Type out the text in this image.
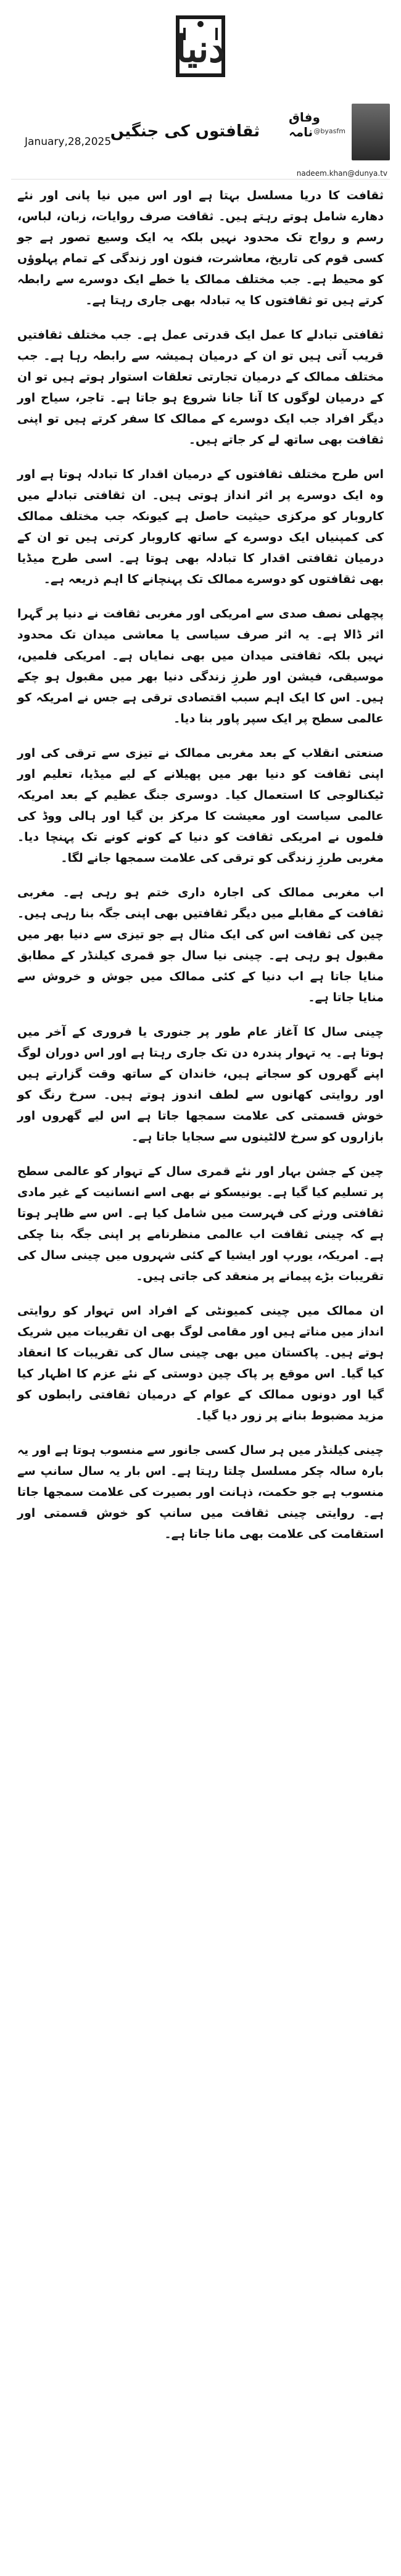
دنیا
January,28,2025
ثقافتوں کی جنگیں
وفاق نامہ @byasfm
nadeem.khan@dunya.tv

ثقافت کا دریا مسلسل بہتا ہے اور اس میں نیا پانی اور نئے دھارے شامل ہوتے رہتے ہیں۔ ثقافت صرف روایات، زبان، لباس، رسم و رواج تک محدود نہیں بلکہ یہ ایک وسیع تصور ہے جو کسی قوم کی تاریخ، معاشرت، فنون اور زندگی کے تمام پہلوؤں کو محیط ہے۔ جب مختلف ممالک یا خطے ایک دوسرے سے رابطہ کرتے ہیں تو ثقافتوں کا یہ تبادلہ بھی جاری رہتا ہے۔

ثقافتی تبادلے کا عمل ایک قدرتی عمل ہے۔ جب مختلف ثقافتیں قریب آتی ہیں تو ان کے درمیان ہمیشہ سے رابطہ رہا ہے۔ جب مختلف ممالک کے درمیان تجارتی تعلقات استوار ہوتے ہیں تو ان کے درمیان لوگوں کا آنا جانا شروع ہو جاتا ہے۔ تاجر، سیاح اور دیگر افراد جب ایک دوسرے کے ممالک کا سفر کرتے ہیں تو اپنی ثقافت بھی ساتھ لے کر جاتے ہیں۔

اس طرح مختلف ثقافتوں کے درمیان اقدار کا تبادلہ ہوتا ہے اور وہ ایک دوسرے پر اثر انداز ہوتی ہیں۔ ان ثقافتی تبادلے میں کاروبار کو مرکزی حیثیت حاصل ہے کیونکہ جب مختلف ممالک کی کمپنیاں ایک دوسرے کے ساتھ کاروبار کرتی ہیں تو ان کے درمیان ثقافتی اقدار کا تبادلہ بھی ہوتا ہے۔ اسی طرح میڈیا بھی ثقافتوں کو دوسرے ممالک تک پہنچانے کا اہم ذریعہ ہے۔

پچھلی نصف صدی سے امریکی اور مغربی ثقافت نے دنیا پر گہرا اثر ڈالا ہے۔ یہ اثر صرف سیاسی یا معاشی میدان تک محدود نہیں بلکہ ثقافتی میدان میں بھی نمایاں ہے۔ امریکی فلمیں، موسیقی، فیشن اور طرزِ زندگی دنیا بھر میں مقبول ہو چکے ہیں۔ اس کا ایک اہم سبب اقتصادی ترقی ہے جس نے امریکہ کو عالمی سطح پر ایک سپر پاور بنا دیا۔

صنعتی انقلاب کے بعد مغربی ممالک نے تیزی سے ترقی کی اور اپنی ثقافت کو دنیا بھر میں پھیلانے کے لیے میڈیا، تعلیم اور ٹیکنالوجی کا استعمال کیا۔ دوسری جنگ عظیم کے بعد امریکہ عالمی سیاست اور معیشت کا مرکز بن گیا اور ہالی ووڈ کی فلموں نے امریکی ثقافت کو دنیا کے کونے کونے تک پہنچا دیا۔ مغربی طرزِ زندگی کو ترقی کی علامت سمجھا جانے لگا۔

اب مغربی ممالک کی اجارہ داری ختم ہو رہی ہے۔ مغربی ثقافت کے مقابلے میں دیگر ثقافتیں بھی اپنی جگہ بنا رہی ہیں۔ چین کی ثقافت اس کی ایک مثال ہے جو تیزی سے دنیا بھر میں مقبول ہو رہی ہے۔ چینی نیا سال جو قمری کیلنڈر کے مطابق منایا جاتا ہے اب دنیا کے کئی ممالک میں جوش و خروش سے منایا جاتا ہے۔

چینی سال کا آغاز عام طور پر جنوری یا فروری کے آخر میں ہوتا ہے۔ یہ تہوار پندرہ دن تک جاری رہتا ہے اور اس دوران لوگ اپنے گھروں کو سجاتے ہیں، خاندان کے ساتھ وقت گزارتے ہیں اور روایتی کھانوں سے لطف اندوز ہوتے ہیں۔ سرخ رنگ کو خوش قسمتی کی علامت سمجھا جاتا ہے اس لیے گھروں اور بازاروں کو سرخ لالٹینوں سے سجایا جاتا ہے۔

چین کے جشن بہار اور نئے قمری سال کے تہوار کو عالمی سطح پر تسلیم کیا گیا ہے۔ یونیسکو نے بھی اسے انسانیت کے غیر مادی ثقافتی ورثے کی فہرست میں شامل کیا ہے۔ اس سے ظاہر ہوتا ہے کہ چینی ثقافت اب عالمی منظرنامے پر اپنی جگہ بنا چکی ہے۔ امریکہ، یورپ اور ایشیا کے کئی شہروں میں چینی سال کی تقریبات بڑے پیمانے پر منعقد کی جاتی ہیں۔

ان ممالک میں چینی کمیونٹی کے افراد اس تہوار کو روایتی انداز میں مناتے ہیں اور مقامی لوگ بھی ان تقریبات میں شریک ہوتے ہیں۔ پاکستان میں بھی چینی سال کی تقریبات کا انعقاد کیا گیا۔ اس موقع پر پاک چین دوستی کے نئے عزم کا اظہار کیا گیا اور دونوں ممالک کے عوام کے درمیان ثقافتی رابطوں کو مزید مضبوط بنانے پر زور دیا گیا۔

چینی کیلنڈر میں ہر سال کسی جانور سے منسوب ہوتا ہے اور یہ بارہ سالہ چکر مسلسل چلتا رہتا ہے۔ اس بار یہ سال سانپ سے منسوب ہے جو حکمت، ذہانت اور بصیرت کی علامت سمجھا جاتا ہے۔ روایتی چینی ثقافت میں سانپ کو خوش قسمتی اور استقامت کی علامت بھی مانا جاتا ہے۔
